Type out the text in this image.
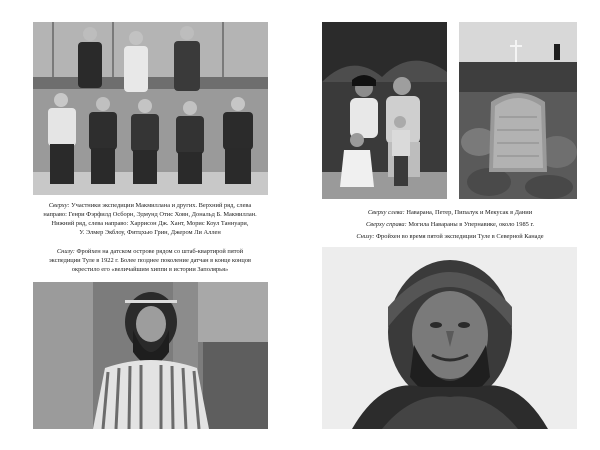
Сверху: Участники экспедиции Макмиллана и других. Верхний ряд, слева

направо: Генри Фэрфилд Осборн, Эдмунд Отис Ховн, Дональд Б. Макмиллан.

Нижний ряд, слева направо: Харрисон Дж. Хант, Морис Коул Таннуари,

У. Элмер Экблоу, Фитцхью Грин, Джером Ли Аллен

Снизу: Фройхен на датском острове рядом со штаб-квартирой пятой

экспедиции Туле в 1922 г. Более позднее поколение датчан в конце концов

окрестило его «величайшим хиппи в истории Заполярья»

Сверху слева: Наварана, Петер, Пипалук и Мекусак в Дании

Сверху справа: Могила Навараны в Упернавике, около 1985 г.

Снизу: Фройхен во время пятой экспедиции Туле в Северной Канаде
